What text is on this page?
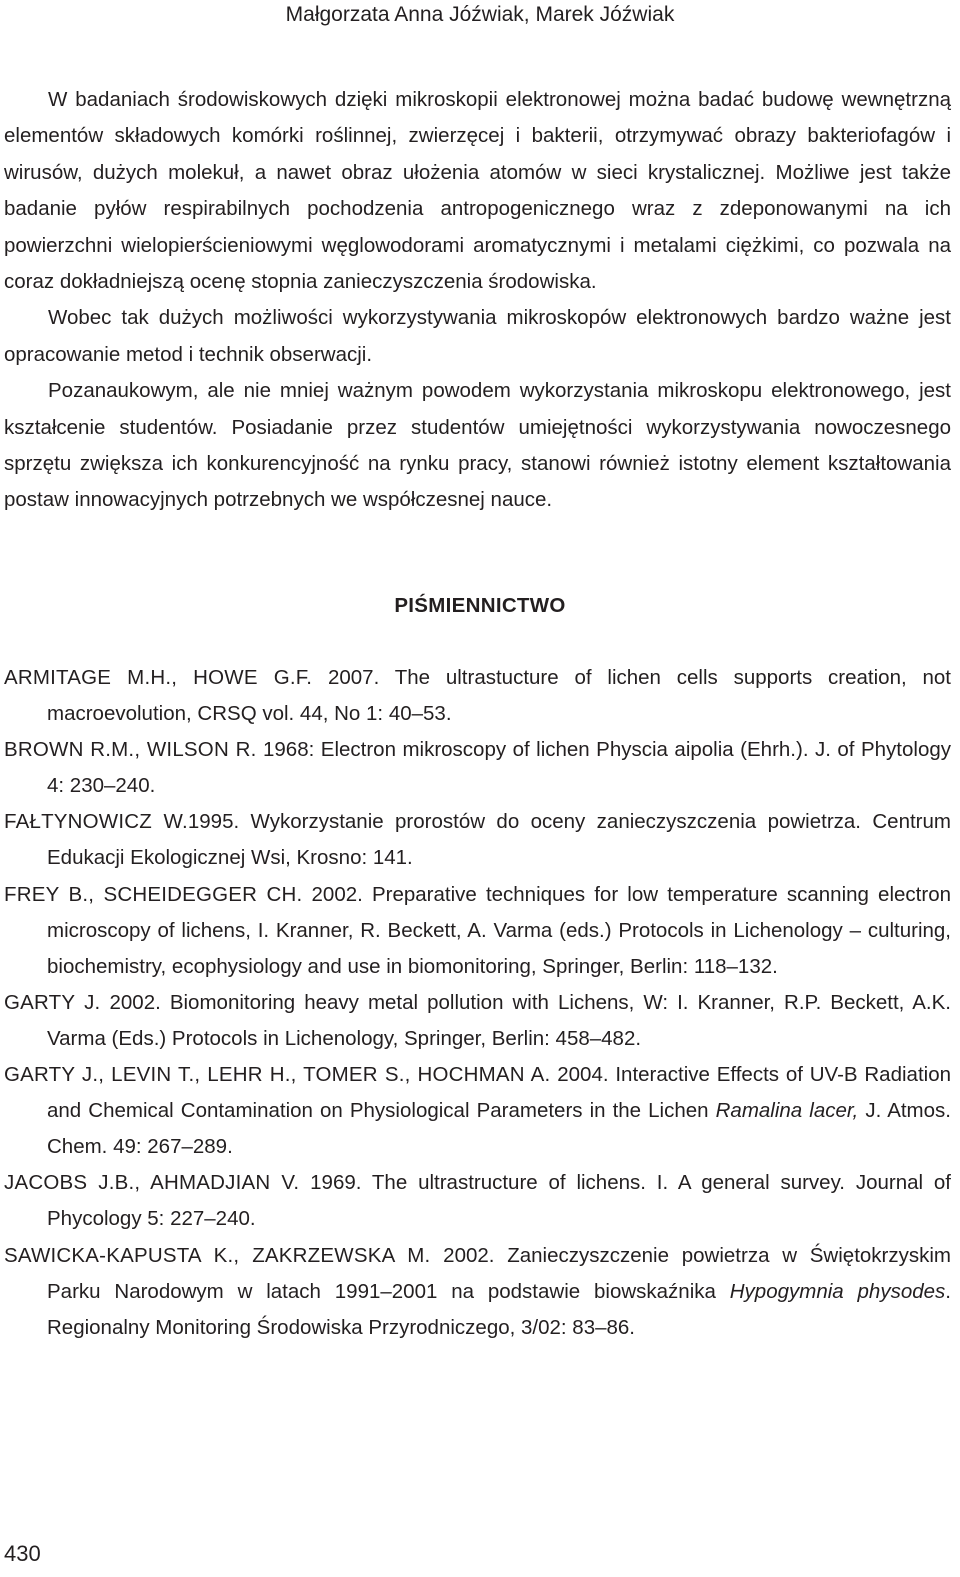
Małgorzata Anna Jóźwiak, Marek Jóźwiak

W badaniach środowiskowych dzięki mikroskopii elektronowej można badać budowę wewnętrzną elementów składowych komórki roślinnej, zwierzęcej i bakterii, otrzymywać obrazy bakteriofagów i wirusów, dużych molekuł, a nawet obraz ułożenia atomów w sieci krystalicznej. Możliwe jest także badanie pyłów respirabilnych pochodzenia antropogenicznego wraz z zdeponowanymi na ich powierzchni wielopierścieniowymi węglowodorami aromatycznymi i metalami ciężkimi, co pozwala na coraz dokładniejszą ocenę stopnia zanieczyszczenia środowiska.

Wobec tak dużych możliwości wykorzystywania mikroskopów elektronowych bardzo ważne jest opracowanie metod i technik obserwacji.

Pozanaukowym, ale nie mniej ważnym powodem wykorzystania mikroskopu elektronowego, jest kształcenie studentów. Posiadanie przez studentów umiejętności wykorzystywania nowoczesnego sprzętu zwiększa ich konkurencyjność na rynku pracy, stanowi również istotny element kształtowania postaw innowacyjnych potrzebnych we współczesnej nauce.

PIŚMIENNICTWO

ARMITAGE M.H., HOWE G.F. 2007. The ultrastucture of lichen cells supports creation, not macroevolution, CRSQ vol. 44, No 1: 40–53.

BROWN R.M., WILSON R. 1968: Electron mikroscopy of lichen Physcia aipolia (Ehrh.). J. of Phytology 4: 230–240.

FAŁTYNOWICZ W.1995. Wykorzystanie prorostów do oceny zanieczyszczenia powietrza. Centrum Edukacji Ekologicznej Wsi, Krosno: 141.

FREY B., SCHEIDEGGER CH. 2002. Preparative techniques for low temperature scanning electron microscopy of lichens, I. Kranner, R. Beckett, A. Varma (eds.) Protocols in Lichenology – culturing, biochemistry, ecophysiology and use in biomonitoring, Springer, Berlin: 118–132.

GARTY J. 2002. Biomonitoring heavy metal pollution with Lichens, W: I. Kranner, R.P. Beckett, A.K. Varma (Eds.) Protocols in Lichenology, Springer, Berlin: 458–482.

GARTY J., LEVIN T., LEHR H., TOMER S., HOCHMAN A. 2004. Interactive Effects of UV-B Radiation and Chemical Contamination on Physiological Parameters in the Lichen Ramalina lacer, J. Atmos. Chem. 49: 267–289.

JACOBS J.B., AHMADJIAN V. 1969. The ultrastructure of lichens. I. A general survey. Journal of Phycology 5: 227–240.

SAWICKA-KAPUSTA K., ZAKRZEWSKA M. 2002. Zanieczyszczenie powietrza w Świętokrzyskim Parku Narodowym w latach 1991–2001 na podstawie biowskaźnika Hypogymnia physodes. Regionalny Monitoring Środowiska Przyrodniczego, 3/02: 83–86.

430
